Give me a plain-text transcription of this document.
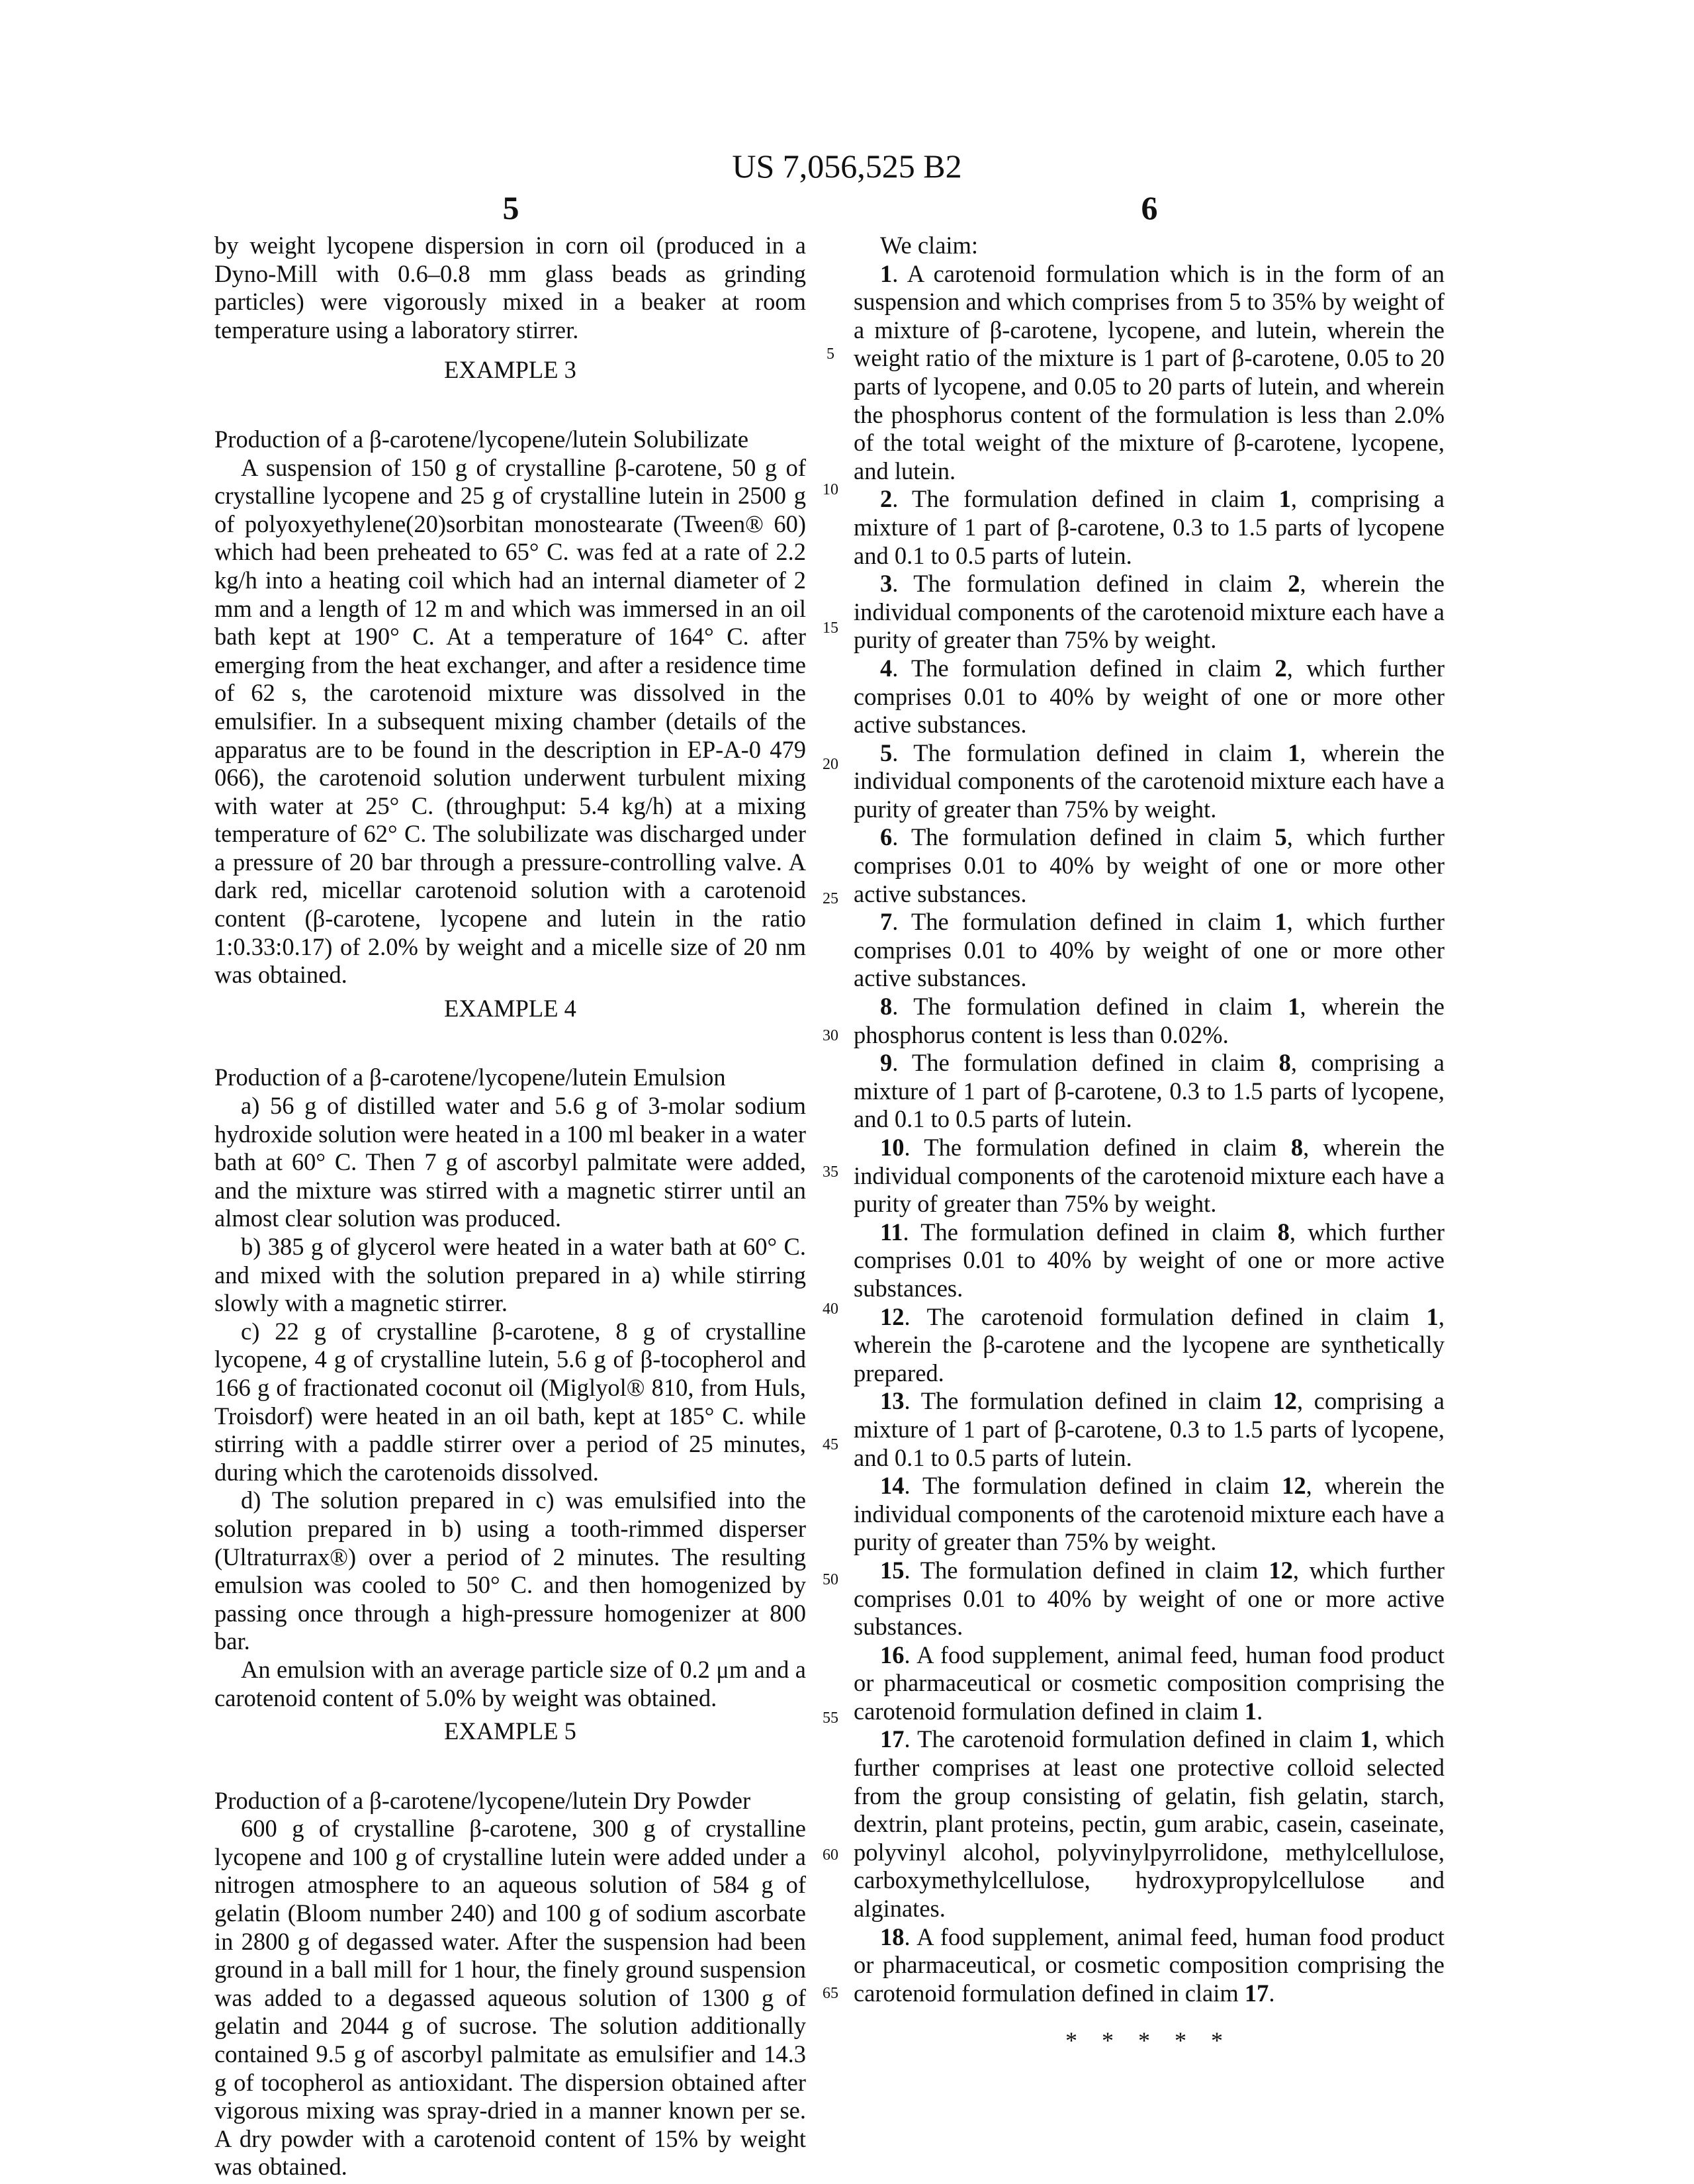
US 7,056,525 B2
5	6

by weight lycopene dispersion in corn oil (produced in a Dyno-Mill with 0.6–0.8 mm glass beads as grinding particles) were vigorously mixed in a beaker at room temperature using a laboratory stirrer.

EXAMPLE 3
Production of a β-carotene/lycopene/lutein Solubilizate

A suspension of 150 g of crystalline β-carotene, 50 g of crystalline lycopene and 25 g of crystalline lutein in 2500 g of polyoxyethylene(20)sorbitan monostearate (Tween® 60) which had been preheated to 65° C. was fed at a rate of 2.2 kg/h into a heating coil which had an internal diameter of 2 mm and a length of 12 m and which was immersed in an oil bath kept at 190° C. At a temperature of 164° C. after emerging from the heat exchanger, and after a residence time of 62 s, the carotenoid mixture was dissolved in the emulsifier. In a subsequent mixing chamber (details of the apparatus are to be found in the description in EP-A-0 479 066), the carotenoid solution underwent turbulent mixing with water at 25° C. (throughput: 5.4 kg/h) at a mixing temperature of 62° C. The solubilizate was discharged under a pressure of 20 bar through a pressure-controlling valve. A dark red, micellar carotenoid solution with a carotenoid content (β-carotene, lycopene and lutein in the ratio 1:0.33:0.17) of 2.0% by weight and a micelle size of 20 nm was obtained.

EXAMPLE 4
Production of a β-carotene/lycopene/lutein Emulsion

a) 56 g of distilled water and 5.6 g of 3-molar sodium hydroxide solution were heated in a 100 ml beaker in a water bath at 60° C. Then 7 g of ascorbyl palmitate were added, and the mixture was stirred with a magnetic stirrer until an almost clear solution was produced.

b) 385 g of glycerol were heated in a water bath at 60° C. and mixed with the solution prepared in a) while stirring slowly with a magnetic stirrer.

c) 22 g of crystalline β-carotene, 8 g of crystalline lycopene, 4 g of crystalline lutein, 5.6 g of β-tocopherol and 166 g of fractionated coconut oil (Miglyol® 810, from Huls, Troisdorf) were heated in an oil bath, kept at 185° C. while stirring with a paddle stirrer over a period of 25 minutes, during which the carotenoids dissolved.

d) The solution prepared in c) was emulsified into the solution prepared in b) using a tooth-rimmed disperser (Ultraturrax®) over a period of 2 minutes. The resulting emulsion was cooled to 50° C. and then homogenized by passing once through a high-pressure homogenizer at 800 bar.

An emulsion with an average particle size of 0.2 μm and a carotenoid content of 5.0% by weight was obtained.

EXAMPLE 5
Production of a β-carotene/lycopene/lutein Dry Powder

600 g of crystalline β-carotene, 300 g of crystalline lycopene and 100 g of crystalline lutein were added under a nitrogen atmosphere to an aqueous solution of 584 g of gelatin (Bloom number 240) and 100 g of sodium ascorbate in 2800 g of degassed water. After the suspension had been ground in a ball mill for 1 hour, the finely ground suspension was added to a degassed aqueous solution of 1300 g of gelatin and 2044 g of sucrose. The solution additionally contained 9.5 g of ascorbyl palmitate as emulsifier and 14.3 g of tocopherol as antioxidant. The dispersion obtained after vigorous mixing was spray-dried in a manner known per se. A dry powder with a carotenoid content of 15% by weight was obtained.

We claim:

1. A carotenoid formulation which is in the form of an suspension and which comprises from 5 to 35% by weight of a mixture of β-carotene, lycopene, and lutein, wherein the weight ratio of the mixture is 1 part of β-carotene, 0.05 to 20 parts of lycopene, and 0.05 to 20 parts of lutein, and wherein the phosphorus content of the formulation is less than 2.0% of the total weight of the mixture of β-carotene, lycopene, and lutein.

2. The formulation defined in claim 1, comprising a mixture of 1 part of β-carotene, 0.3 to 1.5 parts of lycopene and 0.1 to 0.5 parts of lutein.

3. The formulation defined in claim 2, wherein the individual components of the carotenoid mixture each have a purity of greater than 75% by weight.

4. The formulation defined in claim 2, which further comprises 0.01 to 40% by weight of one or more other active substances.

5. The formulation defined in claim 1, wherein the individual components of the carotenoid mixture each have a purity of greater than 75% by weight.

6. The formulation defined in claim 5, which further comprises 0.01 to 40% by weight of one or more other active substances.

7. The formulation defined in claim 1, which further comprises 0.01 to 40% by weight of one or more other active substances.

8. The formulation defined in claim 1, wherein the phosphorus content is less than 0.02%.

9. The formulation defined in claim 8, comprising a mixture of 1 part of β-carotene, 0.3 to 1.5 parts of lycopene, and 0.1 to 0.5 parts of lutein.

10. The formulation defined in claim 8, wherein the individual components of the carotenoid mixture each have a purity of greater than 75% by weight.

11. The formulation defined in claim 8, which further comprises 0.01 to 40% by weight of one or more active substances.

12. The carotenoid formulation defined in claim 1, wherein the β-carotene and the lycopene are synthetically prepared.

13. The formulation defined in claim 12, comprising a mixture of 1 part of β-carotene, 0.3 to 1.5 parts of lycopene, and 0.1 to 0.5 parts of lutein.

14. The formulation defined in claim 12, wherein the individual components of the carotenoid mixture each have a purity of greater than 75% by weight.

15. The formulation defined in claim 12, which further comprises 0.01 to 40% by weight of one or more active substances.

16. A food supplement, animal feed, human food product or pharmaceutical or cosmetic composition comprising the carotenoid formulation defined in claim 1.

17. The carotenoid formulation defined in claim 1, which further comprises at least one protective colloid selected from the group consisting of gelatin, fish gelatin, starch, dextrin, plant proteins, pectin, gum arabic, casein, caseinate, polyvinyl alcohol, polyvinylpyrrolidone, methylcellulose, carboxymethylcellulose, hydroxypropylcellulose and alginates.

18. A food supplement, animal feed, human food product or pharmaceutical, or cosmetic composition comprising the carotenoid formulation defined in claim 17.

5
10
15
20
25
30
35
40
45
50
55
60
65
* * * * *
